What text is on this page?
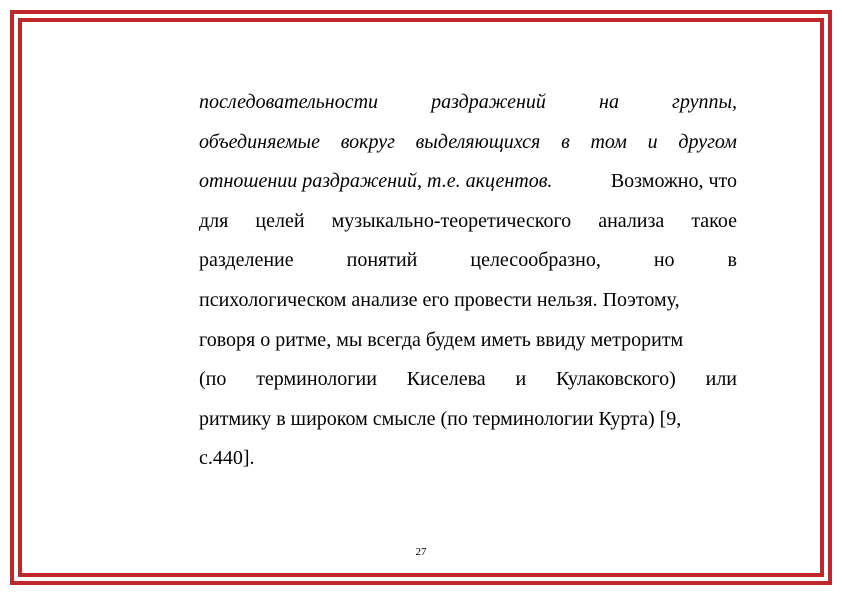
последовательности	раздражений	на	группы,
объединяемые вокруг выделяющихся в том и другом
отношении раздражений, т.е. акцентов.	Возможно, что
для целей музыкально-теоретического анализа такое
разделение	понятий	целесообразно,	но	в
психологическом анализе его провести нельзя. Поэтому,
говоря о ритме, мы всегда будем иметь ввиду метроритм
(по терминологии Киселева и Кулаковского) или
ритмику в широком смысле (по терминологии Курта) [9,
с.440].
27
